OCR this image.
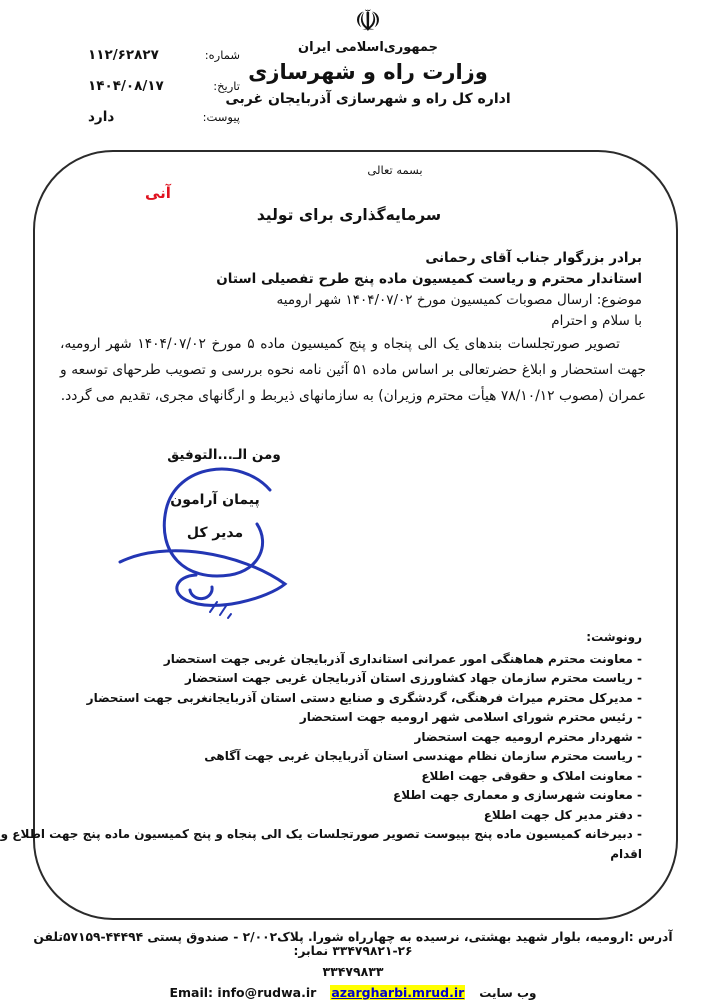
☫
جمهوری‌اسلامی ایران
وزارت راه و شهرسازی
اداره کل راه و شهرسازی آذربایجان غربی
شماره:
۱۱۲/۶۲۸۲۷
تاریخ:
۱۴۰۴/۰۸/۱۷
پیوست:
دارد
بسمه تعالی
آنی
سرمایه‌گذاری برای تولید
برادر بزرگوار جناب آقای رحمانی
استاندار محترم و ریاست کمیسیون ماده پنج طرح تفصیلی استان
موضوع: ارسال مصوبات کمیسیون مورخ ۱۴۰۴/۰۷/۰۲ شهر ارومیه
با سلام و احترام
تصویر صورتجلسات بندهای یک الی پنجاه و پنج کمیسیون ماده ۵ مورخ ۱۴۰۴/۰۷/۰۲ شهر ارومیه، جهت استحضار و ابلاغ حضرتعالی بر اساس ماده ۵۱ آئین نامه نحوه بررسی و تصویب طرحهای توسعه و عمران (مصوب ۷۸/۱۰/۱۲ هیأت محترم وزیران) به سازمانهای ذیربط و ارگانهای مجری، تقدیم می گردد.
ومن الـ...التوفیق
پیمان آرامون
مدیر کل
رونوشت:
- معاونت محترم هماهنگی امور عمرانی استانداری آذربایجان غربی جهت استحضار
- ریاست محترم سازمان جهاد کشاورزی استان آذربایجان غربی جهت استحضار
- مدیرکل محترم میراث فرهنگی، گردشگری و صنایع دستی استان آذربایجانغربی جهت استحضار
- رئیس محترم شورای اسلامی شهر ارومیه جهت استحضار
- شهردار محترم ارومیه جهت استحضار
- ریاست محترم سازمان نظام مهندسی استان آذربایجان غربی جهت آگاهی
- معاونت املاک و حقوقی جهت اطلاع
- معاونت شهرسازی و معماری جهت اطلاع
- دفتر مدیر کل جهت اطلاع
- دبیرخانه کمیسیون ماده پنج بپیوست تصویر صورتجلسات یک الی پنجاه و پنج کمیسیون ماده پنج جهت اطلاع و اقدام
آدرس :ارومیه، بلوار شهید بهشتی، نرسیده به چهارراه شورا. پلاک۲/۰۰۲ - صندوق پستی ۴۴۴۹۴-۵۷۱۵۹تلفن ۲۶-۳۳۴۷۹۸۲۱ نمابر:
۳۳۴۷۹۸۳۳
Email: info@rudwa.ir azargharbi.mrud.ir وب سایت
